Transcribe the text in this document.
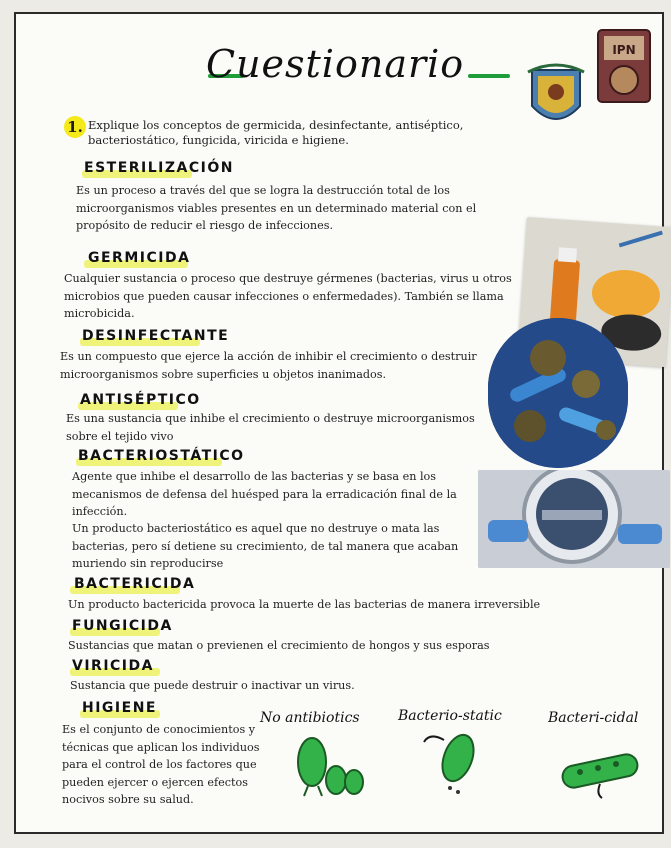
Cuestionario	IPN
1. Explique los conceptos de germicida, desinfectante, antiséptico, bacteriostático, fungicida, viricida e higiene.
ESTERILIZACIÓN
Es un proceso a través del que se logra la destrucción total de los microorganismos viables presentes en un determinado material con el propósito de reducir el riesgo de infecciones.
GERMICIDA
Cualquier sustancia o proceso que destruye gérmenes (bacterias, virus u otros microbios que pueden causar infecciones o enfermedades). También se llama microbicida.
DESINFECTANTE
Es un compuesto que ejerce la acción de inhibir el crecimiento o destruir microorganismos sobre superficies u objetos inanimados.
ANTISÉPTICO
Es una sustancia que inhibe el crecimiento o destruye microorganismos sobre el tejido vivo
BACTERIOSTÁTICO
Agente que inhibe el desarrollo de las bacterias y se basa en los mecanismos de defensa del huésped para la erradicación final de la infección.
Un producto bacteriostático es aquel que no destruye o mata las bacterias, pero sí detiene su crecimiento, de tal manera que acaban muriendo sin reproducirse
BACTERICIDA
Un producto bactericida provoca la muerte de las bacterias de manera irreversible
FUNGICIDA
Sustancias que matan o previenen el crecimiento de hongos y sus esporas
VIRICIDA
Sustancia que puede destruir o inactivar un virus.
HIGIENE
Es el conjunto de conocimientos y técnicas que aplican los individuos para el control de los factores que pueden ejercer o ejercen efectos nocivos sobre su salud.
No antibiotics	Bacterio-static	Bacteri-cidal
